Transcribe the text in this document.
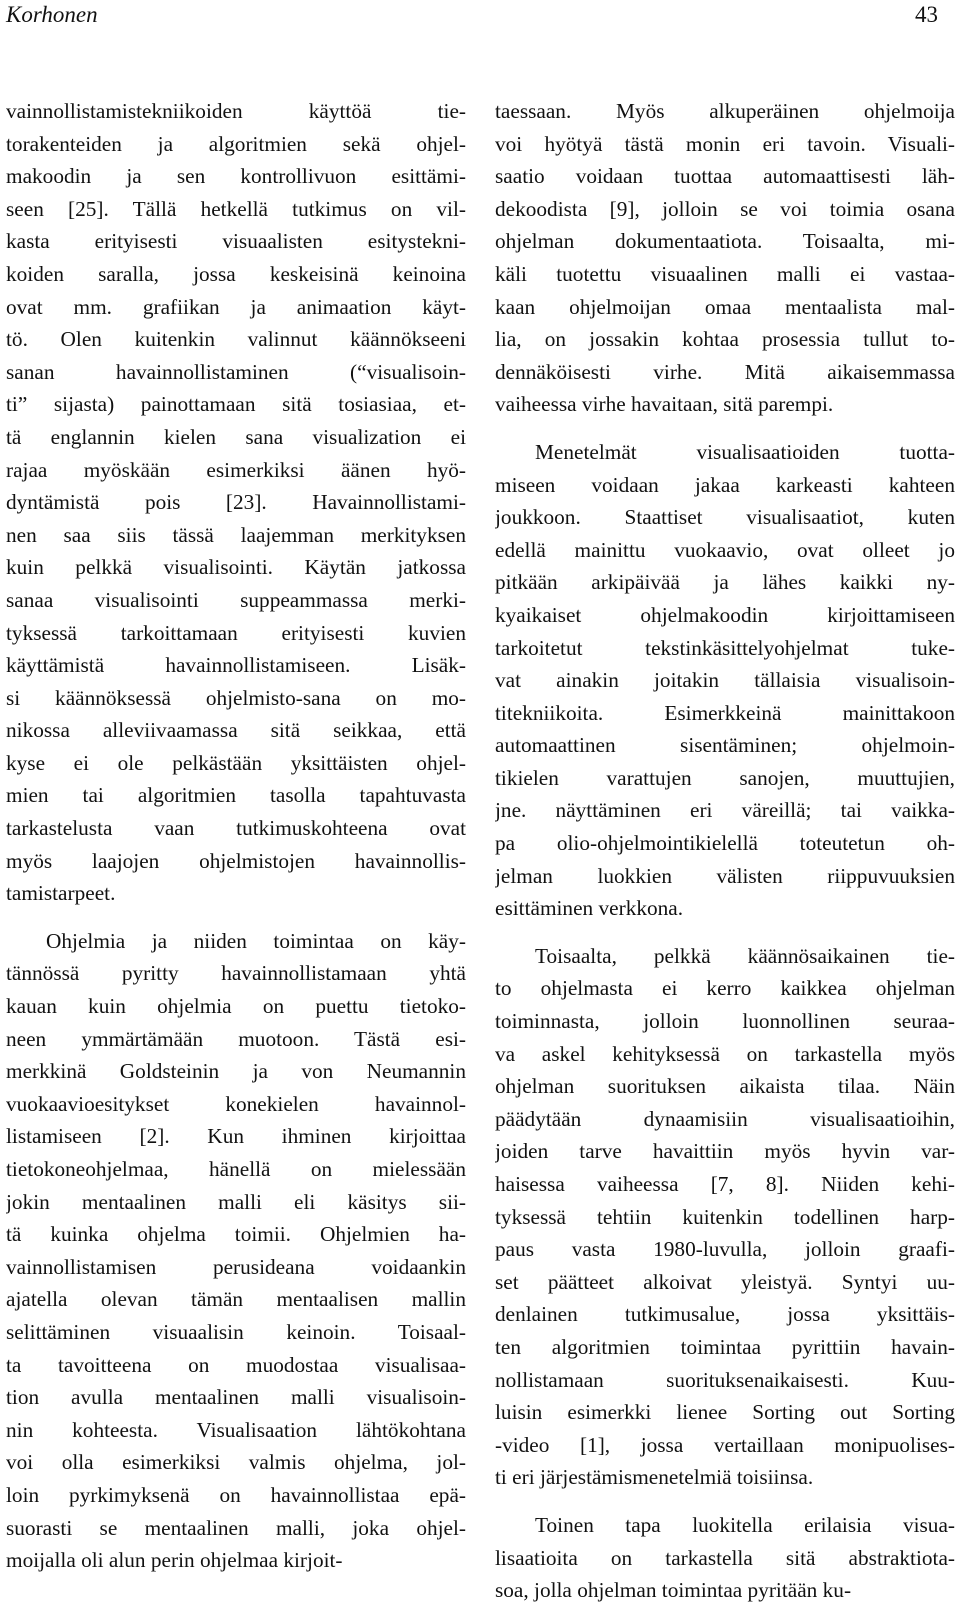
Korhonen	43
vainnollistamistekniikoiden käyttöä tie-
torakenteiden ja algoritmien sekä ohjel-
makoodin ja sen kontrollivuon esittämi-
seen [25]. Tällä hetkellä tutkimus on vil-
kasta erityisesti visuaalisten esitystekni-
koiden saralla, jossa keskeisinä keinoina
ovat mm. grafiikan ja animaation käyt-
tö. Olen kuitenkin valinnut käännökseeni
sanan havainnollistaminen (“visualisoin-
ti” sijasta) painottamaan sitä tosiasiaa, et-
tä englannin kielen sana visualization ei
rajaa myöskään esimerkiksi äänen hyö-
dyntämistä pois [23]. Havainnollistami-
nen saa siis tässä laajemman merkityksen
kuin pelkkä visualisointi. Käytän jatkossa
sanaa visualisointi suppeammassa merki-
tyksessä tarkoittamaan erityisesti kuvien
käyttämistä havainnollistamiseen. Lisäk-
si käännöksessä ohjelmisto-sana on mo-
nikossa alleviivaamassa sitä seikkaa, että
kyse ei ole pelkästään yksittäisten ohjel-
mien tai algoritmien tasolla tapahtuvasta
tarkastelusta vaan tutkimuskohteena ovat
myös laajojen ohjelmistojen havainnollis-
tamistarpeet.
Ohjelmia ja niiden toimintaa on käy-
tännössä pyritty havainnollistamaan yhtä
kauan kuin ohjelmia on puettu tietoko-
neen ymmärtämään muotoon. Tästä esi-
merkkinä Goldsteinin ja von Neumannin
vuokaavioesitykset konekielen havainnol-
listamiseen [2]. Kun ihminen kirjoittaa
tietokoneohjelmaa, hänellä on mielessään
jokin mentaalinen malli eli käsitys sii-
tä kuinka ohjelma toimii. Ohjelmien ha-
vainnollistamisen perusideana voidaankin
ajatella olevan tämän mentaalisen mallin
selittäminen visuaalisin keinoin. Toisaal-
ta tavoitteena on muodostaa visualisaa-
tion avulla mentaalinen malli visualisoin-
nin kohteesta. Visualisaation lähtökohtana
voi olla esimerkiksi valmis ohjelma, jol-
loin pyrkimyksenä on havainnollistaa epä-
suorasti se mentaalinen malli, joka ohjel-
moijalla oli alun perin ohjelmaa kirjoit-
taessaan. Myös alkuperäinen ohjelmoija
voi hyötyä tästä monin eri tavoin. Visuali-
saatio voidaan tuottaa automaattisesti läh-
dekoodista [9], jolloin se voi toimia osana
ohjelman dokumentaatiota. Toisaalta, mi-
käli tuotettu visuaalinen malli ei vastaa-
kaan ohjelmoijan omaa mentaalista mal-
lia, on jossakin kohtaa prosessia tullut to-
dennäköisesti virhe. Mitä aikaisemmassa
vaiheessa virhe havaitaan, sitä parempi.
Menetelmät visualisaatioiden tuotta-
miseen voidaan jakaa karkeasti kahteen
joukkoon. Staattiset visualisaatiot, kuten
edellä mainittu vuokaavio, ovat olleet jo
pitkään arkipäivää ja lähes kaikki ny-
kyaikaiset ohjelmakoodin kirjoittamiseen
tarkoitetut tekstinkäsittelyohjelmat tuke-
vat ainakin joitakin tällaisia visualisoin-
titekniikoita. Esimerkkeinä mainittakoon
automaattinen sisentäminen; ohjelmoin-
tikielen varattujen sanojen, muuttujien,
jne. näyttäminen eri väreillä; tai vaikka-
pa olio-ohjelmointikielellä toteutetun oh-
jelman luokkien välisten riippuvuuksien
esittäminen verkkona.
Toisaalta, pelkkä käännösaikainen tie-
to ohjelmasta ei kerro kaikkea ohjelman
toiminnasta, jolloin luonnollinen seuraa-
va askel kehityksessä on tarkastella myös
ohjelman suorituksen aikaista tilaa. Näin
päädytään dynaamisiin visualisaatioihin,
joiden tarve havaittiin myös hyvin var-
haisessa vaiheessa [7, 8]. Niiden kehi-
tyksessä tehtiin kuitenkin todellinen harp-
paus vasta 1980-luvulla, jolloin graafi-
set päätteet alkoivat yleistyä. Syntyi uu-
denlainen tutkimusalue, jossa yksittäis-
ten algoritmien toimintaa pyrittiin havain-
nollistamaan suorituksenaikaisesti. Kuu-
luisin esimerkki lienee Sorting out Sorting
-video [1], jossa vertaillaan monipuolises-
ti eri järjestämismenetelmiä toisiinsa.
Toinen tapa luokitella erilaisia visua-
lisaatioita on tarkastella sitä abstraktiota-
soa, jolla ohjelman toimintaa pyritään ku-
